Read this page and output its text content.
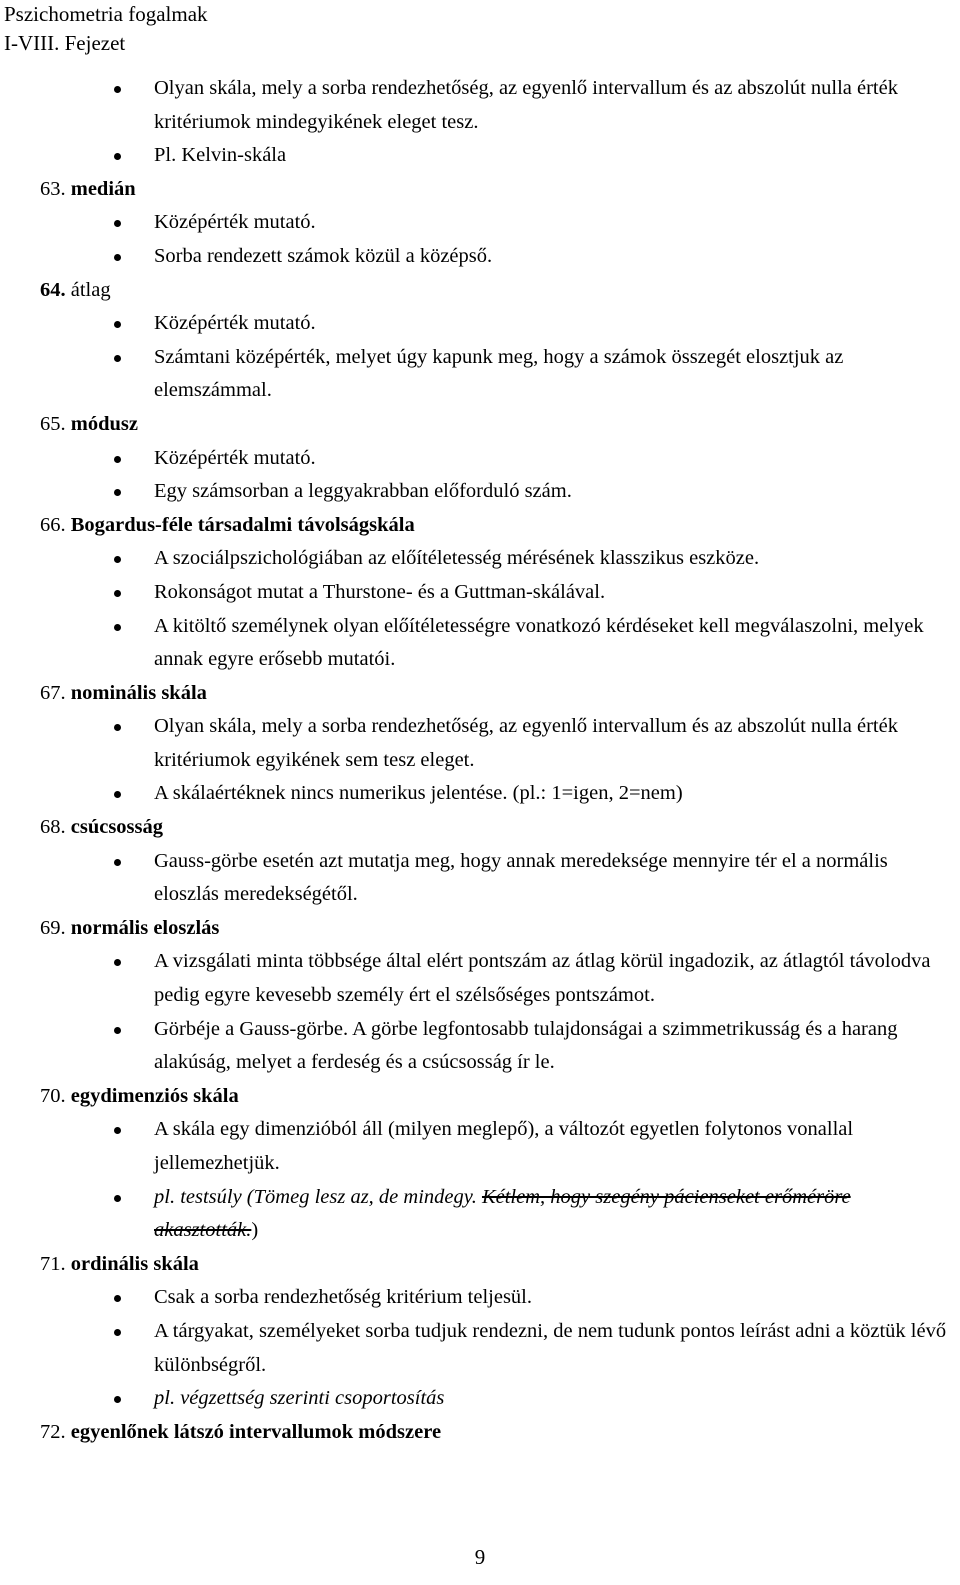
Pszichometria fogalmak
I-VIII. Fejezet
Olyan skála, mely a sorba rendezhetőség, az egyenlő intervallum és az abszolút nulla érték kritériumok mindegyikének eleget tesz.
Pl. Kelvin-skála
63. medián
Középérték mutató.
Sorba rendezett számok közül a középső.
64. átlag
Középérték mutató.
Számtani középérték, melyet úgy kapunk meg, hogy a számok összegét elosztjuk az elemszámmal.
65. módusz
Középérték mutató.
Egy számsorban a leggyakrabban előforduló szám.
66. Bogardus-féle társadalmi távolságskála
A szociálpszichológiában az előítéletesség mérésének klasszikus eszköze.
Rokonságot mutat a Thurstone- és a Guttman-skálával.
A kitöltő személynek olyan előítéletességre vonatkozó kérdéseket kell megválaszolni, melyek annak egyre erősebb mutatói.
67. nominális skála
Olyan skála, mely a sorba rendezhetőség, az egyenlő intervallum és az abszolút nulla érték kritériumok egyikének sem tesz eleget.
A skálaértéknek nincs numerikus jelentése. (pl.: 1=igen, 2=nem)
68. csúcsosság
Gauss-görbe esetén azt mutatja meg, hogy annak meredeksége mennyire tér el a normális eloszlás meredekségétől.
69. normális eloszlás
A vizsgálati minta többsége által elért pontszám az átlag körül ingadozik, az átlagtól távolodva pedig egyre kevesebb személy ért el szélsőséges pontszámot.
Görbéje a Gauss-görbe. A görbe legfontosabb tulajdonságai a szimmetrikusság és a harang alakúság, melyet a ferdeség és a csúcsosság ír le.
70. egydimenziós skála
A skála egy dimenzióból áll (milyen meglepő), a változót egyetlen folytonos vonallal jellemezhetjük.
pl. testsúly (Tömeg lesz az, de mindegy. Kétlem, hogy szegény pácienseket erőméröre akasztották.)
71. ordinális skála
Csak a sorba rendezhetőség kritérium teljesül.
A tárgyakat, személyeket sorba tudjuk rendezni, de nem tudunk pontos leírást adni a köztük lévő különbségről.
pl. végzettség szerinti csoportosítás
72. egyenlőnek látszó intervallumok módszere
9
